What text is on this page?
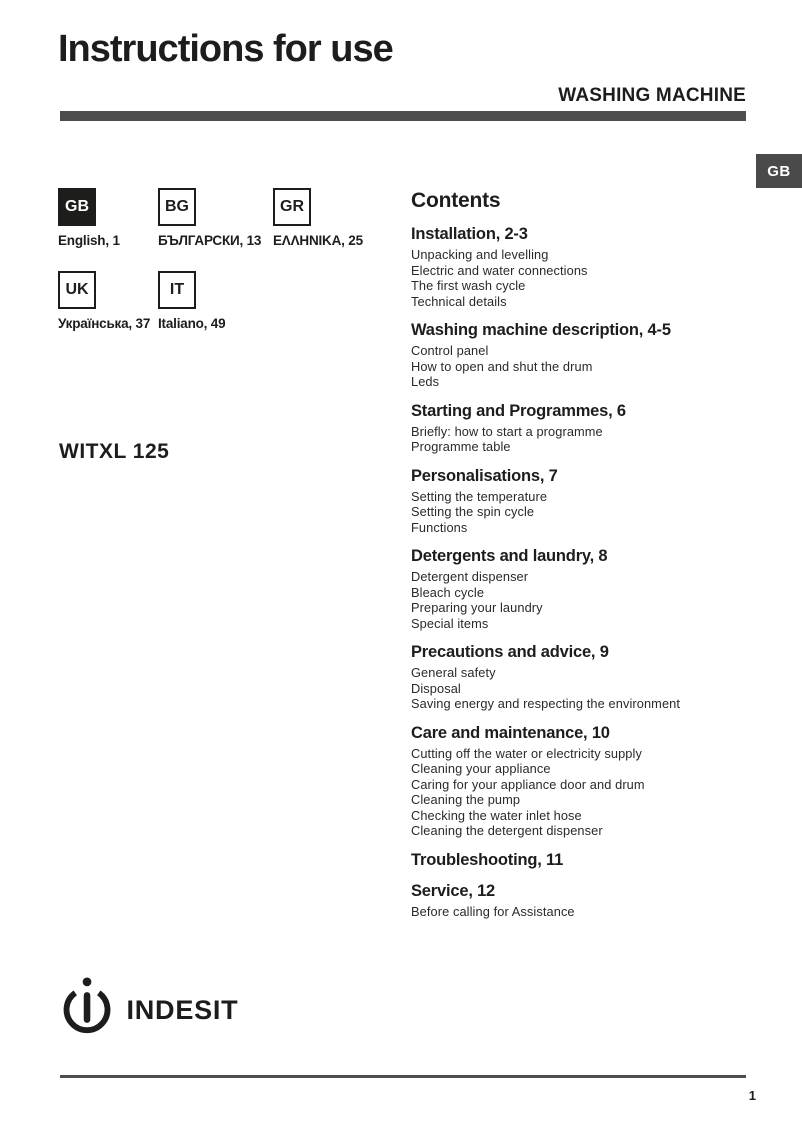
Instructions for use
WASHING MACHINE
GB
GB
English, 1
BG
БЪЛГАРСКИ, 13
GR
ΕΛΛΗΝΙΚΑ, 25
UK
Українська, 37
IT
Italiano, 49
WITXL 125
Contents
Installation, 2-3
Unpacking and levelling
Electric and water connections
The first wash cycle
Technical details
Washing machine description, 4-5
Control panel
How to open and shut the drum
Leds
Starting and Programmes, 6
Briefly: how to start a programme
Programme table
Personalisations, 7
Setting the temperature
Setting the spin cycle
Functions
Detergents and laundry, 8
Detergent dispenser
Bleach cycle
Preparing your laundry
Special items
Precautions and advice, 9
General safety
Disposal
Saving energy and respecting the environment
Care and maintenance, 10
Cutting off the water or electricity supply
Cleaning your appliance
Caring for your appliance door and drum
Cleaning the pump
Checking the water inlet hose
Cleaning the detergent dispenser
Troubleshooting, 11
Service, 12
Before calling for Assistance
INDESIT
1
